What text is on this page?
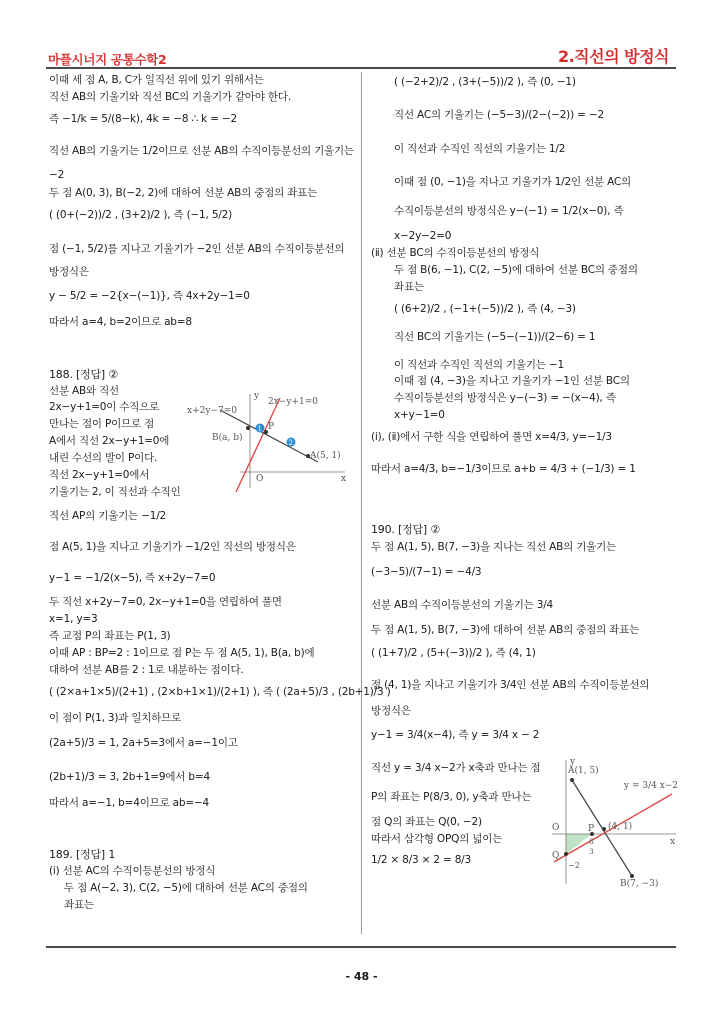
마플시너지 공통수학2	2.직선의 방정식
이때 세 점 A, B, C가 일직선 위에 있기 위해서는
직선 AB의 기울기와 직선 BC의 기울기가 같아야 한다.
즉 −1/k = 5/(8−k), 4k = −8 ∴ k = −2
직선 AB의 기울기는 1/2이므로 선분 AB의 수직이등분선의 기울기는
−2
두 점 A(0, 3), B(−2, 2)에 대하여 선분 AB의 중점의 좌표는
( (0+(−2))/2 , (3+2)/2 ), 즉 (−1, 5/2)
점 (−1, 5/2)를 지나고 기울기가 −2인 선분 AB의 수직이등분선의
방정식은
y − 5/2 = −2{x−(−1)}, 즉 4x+2y−1=0
따라서 a=4, b=2이므로 ab=8
188. [정답] ②
선분 AB와 직선
2x−y+1=0이 수직으로
만나는 점이 P이므로 점
A에서 직선 2x−y+1=0에
내린 수선의 발이 P이다.
직선 2x−y+1=0에서
기울기는 2, 이 직선과 수직인
직선 AP의 기울기는 −1/2
점 A(5, 1)을 지나고 기울기가 −1/2인 직선의 방정식은
y−1 = −1/2(x−5), 즉 x+2y−7=0
두 직선 x+2y−7=0, 2x−y+1=0을 연립하여 풀면
x=1, y=3
즉 교점 P의 좌표는 P(1, 3)
이때 AP : BP=2 : 1이므로 점 P는 두 점 A(5, 1), B(a, b)에
대하여 선분 AB를 2 : 1로 내분하는 점이다.
( (2×a+1×5)/(2+1) , (2×b+1×1)/(2+1) ), 즉 ( (2a+5)/3 , (2b+1)/3 )
이 점이 P(1, 3)과 일치하므로
(2a+5)/3 = 1, 2a+5=3에서 a=−1이고
(2b+1)/3 = 3, 2b+1=9에서 b=4
따라서 a=−1, b=4이므로 ab=−4
189. [정답] 1
(ⅰ) 선분 AC의 수직이등분선의 방정식
두 점 A(−2, 3), C(2, −5)에 대하여 선분 AC의 중점의
좌표는
( (−2+2)/2 , (3+(−5))/2 ), 즉 (0, −1)
직선 AC의 기울기는 (−5−3)/(2−(−2)) = −2
이 직선과 수직인 직선의 기울기는 1/2
이때 점 (0, −1)을 지나고 기울기가 1/2인 선분 AC의
수직이등분선의 방정식은 y−(−1) = 1/2(x−0), 즉
x−2y−2=0
(ⅱ) 선분 BC의 수직이등분선의 방정식
두 점 B(6, −1), C(2, −5)에 대하여 선분 BC의 중점의
좌표는
( (6+2)/2 , (−1+(−5))/2 ), 즉 (4, −3)
직선 BC의 기울기는 (−5−(−1))/(2−6) = 1
이 직선과 수직인 직선의 기울기는 −1
이때 점 (4, −3)을 지나고 기울기가 −1인 선분 BC의
수직이등분선의 방정식은 y−(−3) = −(x−4), 즉
x+y−1=0
(ⅰ), (ⅱ)에서 구한 식을 연립하여 풀면 x=4/3, y=−1/3
따라서 a=4/3, b=−1/3이므로 a+b = 4/3 + (−1/3) = 1
190. [정답] ②
두 점 A(1, 5), B(7, −3)을 지나는 직선 AB의 기울기는
(−3−5)/(7−1) = −4/3
선분 AB의 수직이등분선의 기울기는 3/4
두 점 A(1, 5), B(7, −3)에 대하여 선분 AB의 중점의 좌표는
( (1+7)/2 , (5+(−3))/2 ), 즉 (4, 1)
점 (4, 1)을 지나고 기울기가 3/4인 선분 AB의 수직이등분선의
방정식은
y−1 = 3/4(x−4), 즉 y = 3/4 x − 2
직선 y = 3/4 x−2가 x축과 만나는 점
P의 좌표는 P(8/3, 0), y축과 만나는
점 Q의 좌표는 Q(0, −2)
따라서 삼각형 OPQ의 넓이는
1/2 × 8/3 × 2 = 8/3
1
2
x+2y−7=0
2x−y+1=0
B(a, b)
P
A(5, 1)
O	x
y
A(1, 5)
B(7, −3)
P (4, 1)
O
Q
−2
8
3
x
y
y = 3/4 x−2
- 48 -
